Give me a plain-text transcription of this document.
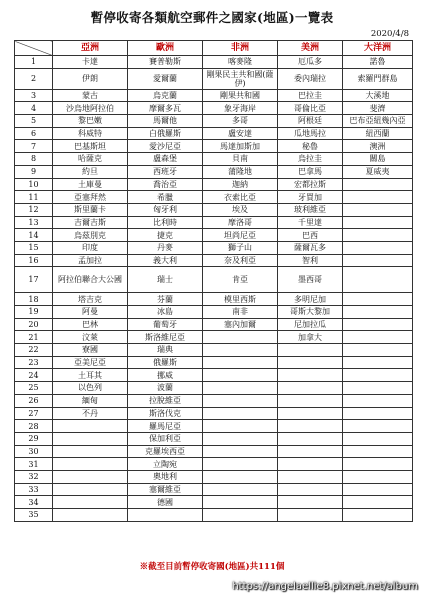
暫停收寄各類航空郵件之國家(地區)一覽表
2020/4/8
	亞洲	歐洲	非洲	美洲	大洋洲
1	卡達	賽普勒斯	喀麥隆	厄瓜多	諾魯
2	伊朗	愛爾蘭	剛果民主共和國(薩伊)	委內瑞拉	索羅門群島
3	蒙古	烏克蘭	剛果共和國	巴拉圭	大溪地
4	沙烏地阿拉伯	摩爾多瓦	象牙海岸	哥倫比亞	斐濟
5	黎巴嫩	馬爾他	多哥	阿根廷	巴布亞紐幾內亞
6	科威特	白俄羅斯	盧安達	瓜地馬拉	紐西蘭
7	巴基斯坦	愛沙尼亞	馬達加斯加	秘魯	澳洲
8	哈薩克	盧森堡	貝南	烏拉圭	關島
9	約旦	西班牙	蒲隆地	巴拿馬	夏威夷
10	土庫曼	喬治亞	迦納	宏都拉斯	
11	亞塞拜然	希臘	衣索比亞	牙買加	
12	斯里蘭卡	匈牙利	埃及	玻利維亞	
13	吉爾吉斯	比利時	摩洛哥	千里達	
14	烏茲別克	捷克	坦尚尼亞	巴西	
15	印度	丹麥	獅子山	薩爾瓦多	
16	孟加拉	義大利	奈及利亞	智利	
17	阿拉伯聯合大公國	瑞士	肯亞	墨西哥	
18	塔吉克	芬蘭	模里西斯	多明尼加	
19	阿曼	冰島	南非	哥斯大黎加	
20	巴林	葡萄牙	塞內加爾	尼加拉瓜	
21	汶萊	斯洛維尼亞		加拿大	
22	寮國	瑞典			
23	亞美尼亞	俄羅斯			
24	土耳其	挪威			
25	以色列	波蘭			
26	緬甸	拉脫維亞			
27	不丹	斯洛伐克			
28		羅馬尼亞			
29		保加利亞			
30		克羅埃西亞			
31		立陶宛			
32		奧地利			
33		塞爾維亞			
34		德國			
35					
※截至目前暫停收寄國(地區)共111個
https://angelaellie8.pixnet.net/album
